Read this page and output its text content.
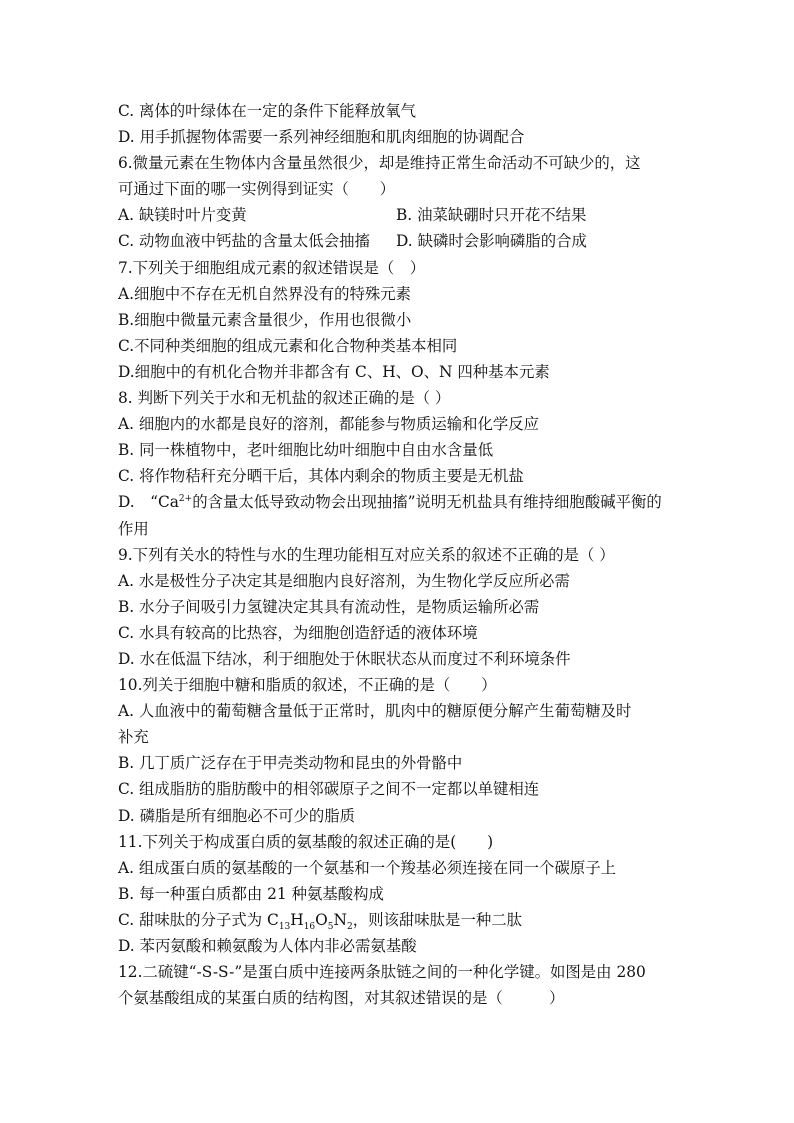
C. 离体的叶绿体在一定的条件下能释放氧气
D. 用手抓握物体需要一系列神经细胞和肌肉细胞的协调配合
6.微量元素在生物体内含量虽然很少，却是维持正常生命活动不可缺少的，这
可通过下面的哪一实例得到证实（　　）
A. 缺镁时叶片变黄	B. 油菜缺硼时只开花不结果
C. 动物血液中钙盐的含量太低会抽搐	D. 缺磷时会影响磷脂的合成
7.下列关于细胞组成元素的叙述错误是（　）
A.细胞中不存在无机自然界没有的特殊元素
B.细胞中微量元素含量很少，作用也很微小
C.不同种类细胞的组成元素和化合物种类基本相同
D.细胞中的有机化合物并非都含有 C、H、O、N 四种基本元素
8. 判断下列关于水和无机盐的叙述正确的是（ ）
A. 细胞内的水都是良好的溶剂，都能参与物质运输和化学反应
B. 同一株植物中，老叶细胞比幼叶细胞中自由水含量低
C. 将作物秸秆充分晒干后，其体内剩余的物质主要是无机盐
D.　“$Ca^{2+}$的含量太低导致动物会出现抽搐”说明无机盐具有维持细胞酸碱平衡的
作用
9.下列有关水的特性与水的生理功能相互对应关系的叙述不正确的是（ ）
A. 水是极性分子决定其是细胞内良好溶剂，为生物化学反应所必需
B. 水分子间吸引力氢键决定其具有流动性，是物质运输所必需
C. 水具有较高的比热容，为细胞创造舒适的液体环境
D. 水在低温下结冰，利于细胞处于休眠状态从而度过不利环境条件
10.列关于细胞中糖和脂质的叙述，不正确的是（　　）
A. 人血液中的葡萄糖含量低于正常时，肌肉中的糖原便分解产生葡萄糖及时
补充
B. 几丁质广泛存在于甲壳类动物和昆虫的外骨骼中
C. 组成脂肪的脂肪酸中的相邻碳原子之间不一定都以单键相连
D. 磷脂是所有细胞必不可少的脂质
11.下列关于构成蛋白质的氨基酸的叙述正确的是(　　)
A. 组成蛋白质的氨基酸的一个氨基和一个羧基必须连接在同一个碳原子上
B. 每一种蛋白质都由 21 种氨基酸构成
C. 甜味肽的分子式为 $C_{13}H_{16}O_5N_2$，则该甜味肽是一种二肽
D. 苯丙氨酸和赖氨酸为人体内非必需氨基酸
12.二硫键“-S-S-”是蛋白质中连接两条肽链之间的一种化学键。如图是由 280
个氨基酸组成的某蛋白质的结构图，对其叙述错误的是（　　　）
